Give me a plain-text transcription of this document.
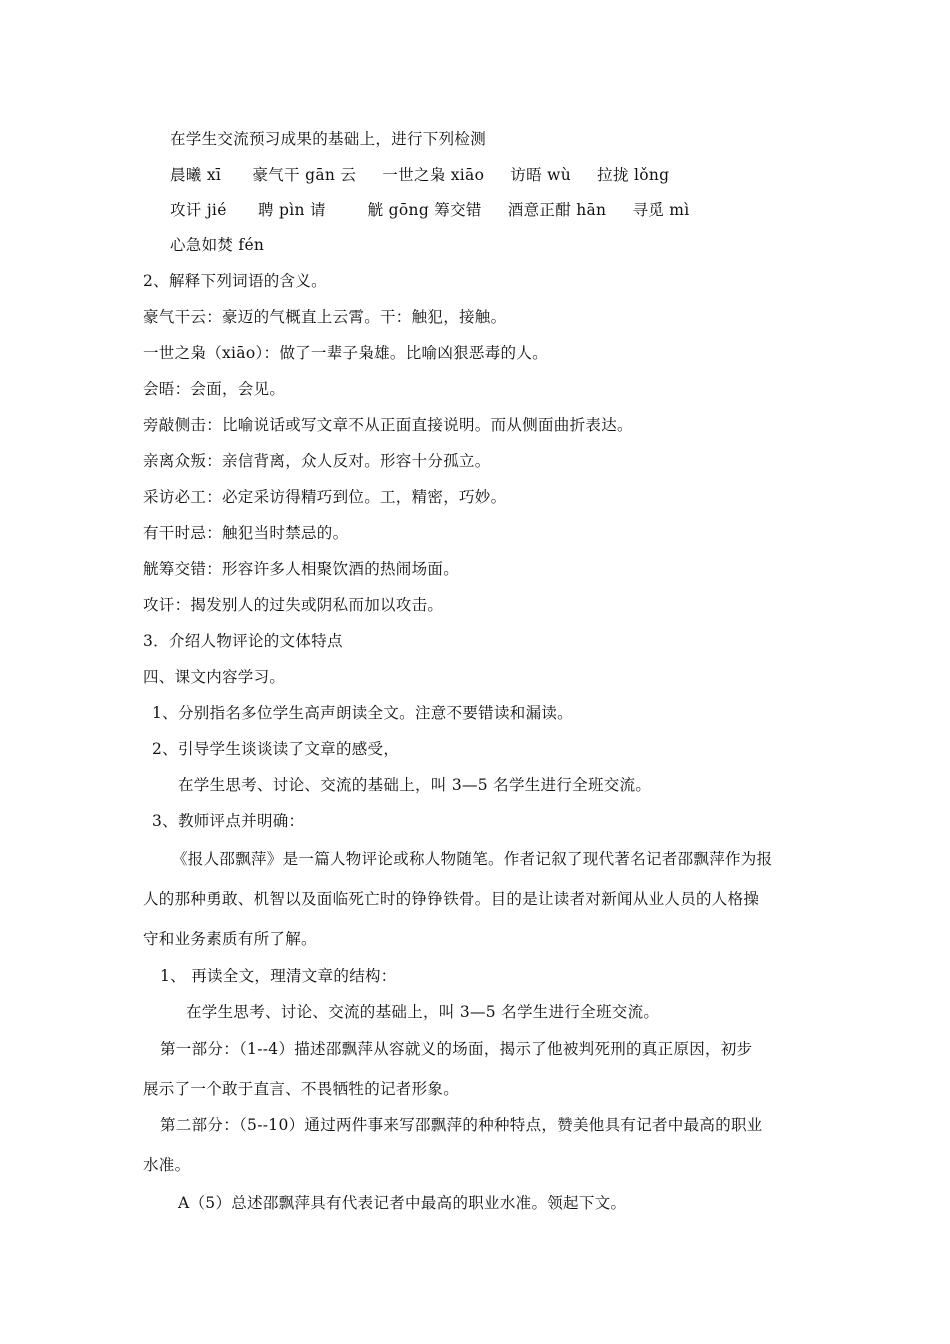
在学生交流预习成果的基础上，进行下列检测
晨曦 xī      豪气干 gān 云     一世之枭 xiāo     访晤 wù     拉拢 lǒng
攻讦 jié      聘 pìn 请        觥 gōng 筹交错     酒意正酣 hān     寻觅 mì
心急如焚 fén
2、解释下列词语的含义。
豪气干云：豪迈的气概直上云霄。干：触犯，接触。
一世之枭（xiāo）：做了一辈子枭雄。比喻凶狠恶毒的人。
会晤：会面，会见。
旁敲侧击：比喻说话或写文章不从正面直接说明。而从侧面曲折表达。
亲离众叛：亲信背离，众人反对。形容十分孤立。
采访必工：必定采访得精巧到位。工，精密，巧妙。
有干时忌：触犯当时禁忌的。
觥筹交错：形容许多人相聚饮酒的热闹场面。
攻讦：揭发别人的过失或阴私而加以攻击。
3．介绍人物评论的文体特点
四、课文内容学习。
1、分别指名多位学生高声朗读全文。注意不要错读和漏读。
2、引导学生谈谈读了文章的感受，
在学生思考、讨论、交流的基础上，叫 3—5 名学生进行全班交流。
3、教师评点并明确：
《报人邵飘萍》是一篇人物评论或称人物随笔。作者记叙了现代著名记者邵飘萍作为报
人的那种勇敢、机智以及面临死亡时的铮铮铁骨。目的是让读者对新闻从业人员的人格操
守和业务素质有所了解。
1、 再读全文，理清文章的结构：
在学生思考、讨论、交流的基础上，叫 3—5 名学生进行全班交流。
第一部分：（1--4）描述邵飘萍从容就义的场面，揭示了他被判死刑的真正原因，初步
展示了一个敢于直言、不畏牺牲的记者形象。
第二部分：（5--10）通过两件事来写邵飘萍的种种特点，赞美他具有记者中最高的职业
水准。
A（5）总述邵飘萍具有代表记者中最高的职业水准。领起下文。
